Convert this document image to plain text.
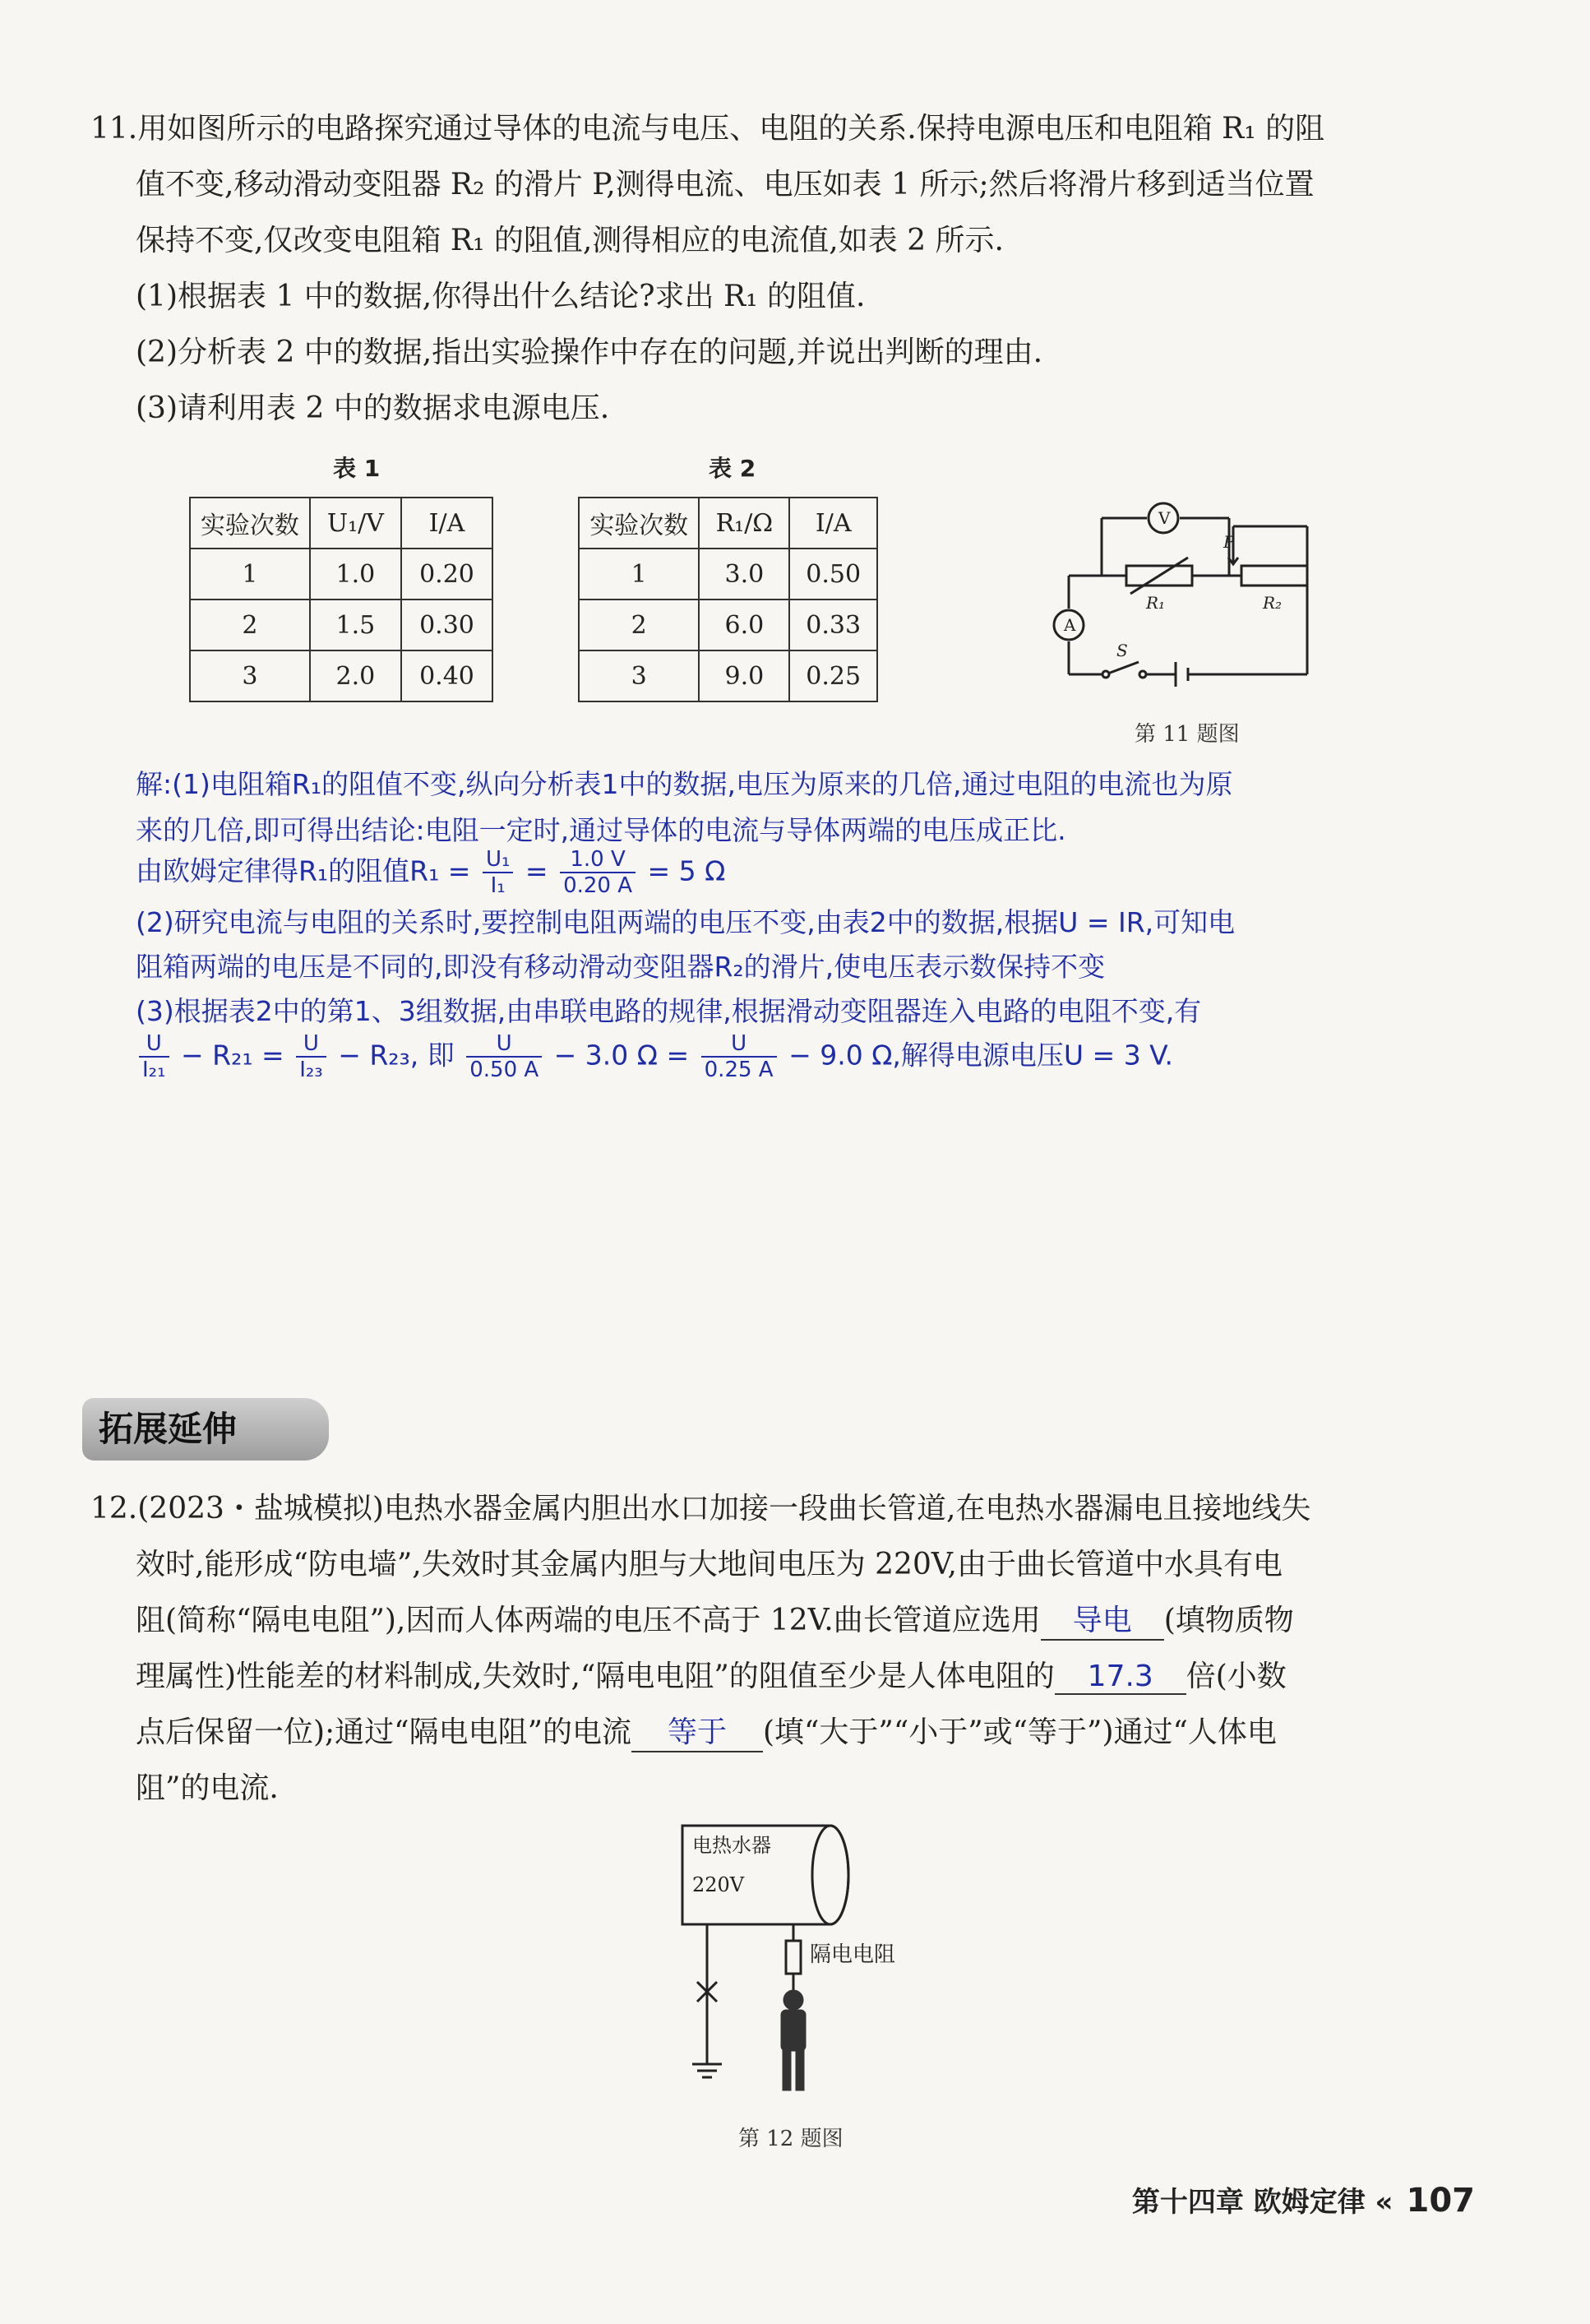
11.用如图所示的电路探究通过导体的电流与电压、电阻的关系.保持电源电压和电阻箱 R₁ 的阻
值不变,移动滑动变阻器 R₂ 的滑片 P,测得电流、电压如表 1 所示;然后将滑片移到适当位置
保持不变,仅改变电阻箱 R₁ 的阻值,测得相应的电流值,如表 2 所示.
(1)根据表 1 中的数据,你得出什么结论?求出 R₁ 的阻值.
(2)分析表 2 中的数据,指出实验操作中存在的问题,并说出判断的理由.
(3)请利用表 2 中的数据求电源电压.
表 1
实验次数	U₁/V	I/A
1	1.0	0.20
2	1.5	0.30
3	2.0	0.40
表 2
实验次数	R₁/Ω	I/A
1	3.0	0.50
2	6.0	0.33
3	9.0	0.25
V
A
P
R₁	R₂
S
第 11 题图
解:(1)电阻箱R₁的阻值不变,纵向分析表1中的数据,电压为原来的几倍,通过电阻的电流也为原
来的几倍,即可得出结论:电阻一定时,通过导体的电流与导体两端的电压成正比.
由欧姆定律得R₁的阻值$R_1 = \frac{\text{U₁}}{\text{I₁}} = \frac{1.0 V}{0.20 A} = 5$ Ω
(2)研究电流与电阻的关系时,要控制电阻两端的电压不变,由表2中的数据,根据U = IR,可知电
阻箱两端的电压是不同的,即没有移动滑动变阻器R₂的滑片,使电压表示数保持不变
(3)根据表2中的第1、3组数据,由串联电路的规律,根据滑动变阻器连入电路的电阻不变,有
$\frac{U}{\text{I₂₁}} - R_{21} = \frac{U}{\text{I₂₃}} - R_{23}$, 即 $\frac{U}{0.50 A} - 3.0$ $\Omega = \frac{U}{0.25 A} - 9.0$ Ω,解得电源电压U = 3 V.
拓展延伸
12.(2023・盐城模拟)电热水器金属内胆出水口加接一段曲长管道,在电热水器漏电且接地线失
效时,能形成“防电墙”,失效时其金属内胆与大地间电压为 220V,由于曲长管道中水具有电
阻(简称“隔电电阻”),因而人体两端的电压不高于 12V.曲长管道应选用 导电 (填物质物
理属性)性能差的材料制成,失效时,“隔电电阻”的阻值至少是人体电阻的 17.3 倍(小数
点后保留一位);通过“隔电电阻”的电流 等于 (填“大于”“小于”或“等于”)通过“人体电
阻”的电流.
电热水器
220V
隔电电阻
第 12 题图
第十四章 欧姆定律 « 107
